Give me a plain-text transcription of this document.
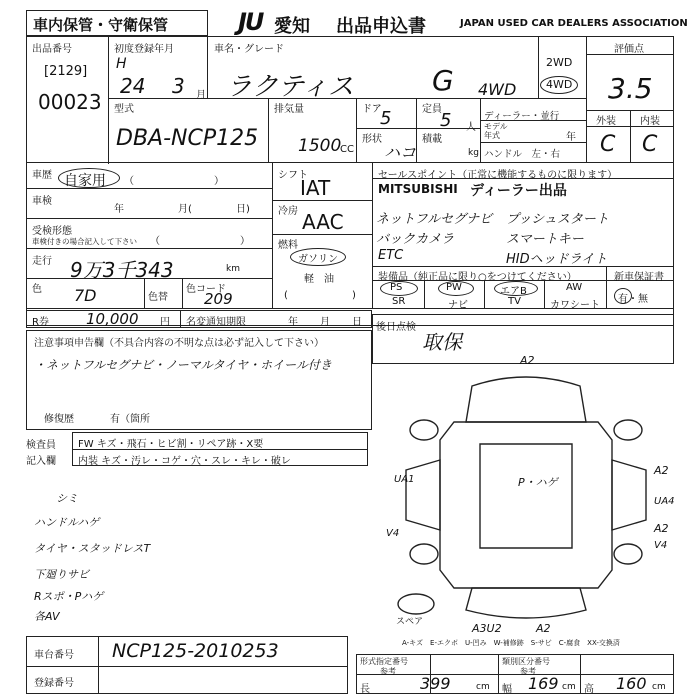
車内保管・守衛保管	JU 愛知 出品申込書	JAPAN USED CAR DEALERS ASSOCIATION
出品番号
[2129]
00023
初度登録年月
H
24 3 月
車名・グレード
ラクティス	G 4WD
2WD
4WD
評価点
3.5
型式
DBA-NCP125
排気量
1500
CC
ドア
5	定員
5 人
形状
ハコ
積載
kg
ディーラー・並行
モデル年式	年
ハンドル　左・右
外装 内装
C C
車歴 自家用 （　　　　　　　　）
車検
年	月(	日)
受検形態
車検付きの場合記入して下さい （　　　　　　　　）
走行 9万3千343	km
色 7D	色替
色コード
209
シフト
IAT
冷房 AAC
燃料
ガソリン
軽　油
(	)
セールスポイント（正常に機能するものに限ります）
MITSUBISHI ディーラー出品
ネットフルセグナビ
バックカメラ
ETC
プッシュスタート
スマートキー
HIDヘッドライト
装備品（純正品に限り○をつけてください）
PS	PW	エアB	AW
SR	ナビ	TV	カワシート
新車保証書
有・無
R券 10,000 円 名変通知期限	年 月 日
注意事項申告欄（不具合内容の不明な点は必ず記入して下さい）
・ネットフルセグナビ・ノーマルタイヤ・ホイール付き
修復歴	有（箇所
後日点検
取保
検査員
記入欄
FW キズ・飛石・ヒビ割・リペア跡・X要
内装 キズ・汚レ・コゲ・穴・スレ・キレ・破レ
シミ
ハンドルハゲ
タイヤ・スタッドレスT
下廻りサビ
Rスポ・Pハゲ
各AV
A2
A2
UA1
V4	A2
UA4
V4
P・ハゲ
A3U2	A2
スペア
A-キズ　E-エクボ　U-凹み　W-補修跡　S-サビ　C-腐食　XX-交換済
車台番号 NCP125-2010253
登録番号
形式指定番号
参考
類別区分番号
参考
長	399	cm 幅 169 cm 高 160 cm
